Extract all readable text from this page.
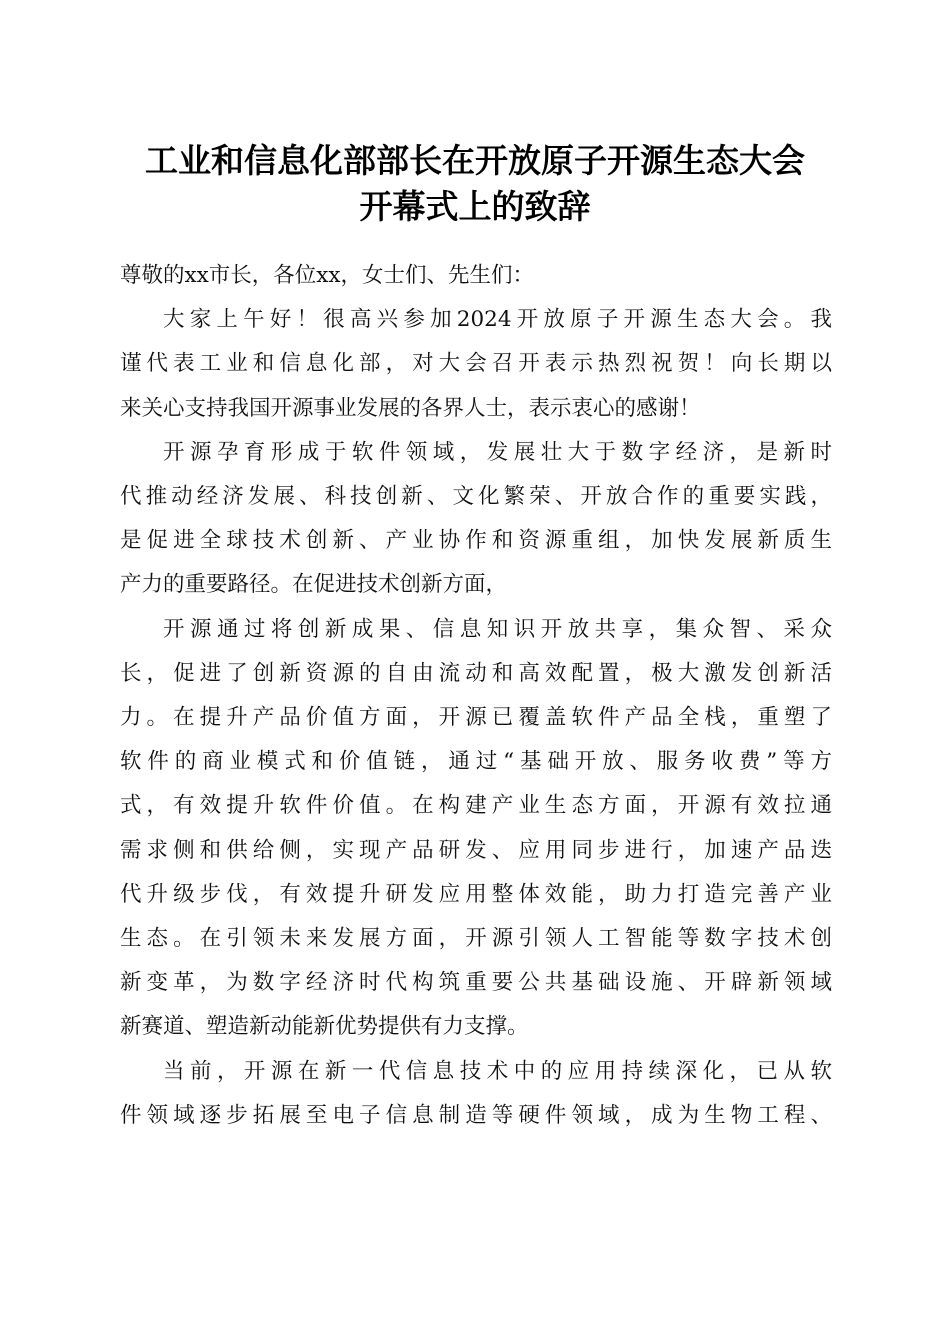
工业和信息化部部长在开放原子开源生态大会
开幕式上的致辞
尊敬的xx市长，各位xx，女士们、先生们：
大家上午好！很高兴参加2024开放原子开源生态大会。我
谨代表工业和信息化部，对大会召开表示热烈祝贺！向长期以
来关心支持我国开源事业发展的各界人士，表示衷心的感谢！
开源孕育形成于软件领域，发展壮大于数字经济，是新时
代推动经济发展、科技创新、文化繁荣、开放合作的重要实践，
是促进全球技术创新、产业协作和资源重组，加快发展新质生
产力的重要路径。在促进技术创新方面，
开源通过将创新成果、信息知识开放共享，集众智、采众
长，促进了创新资源的自由流动和高效配置，极大激发创新活
力。在提升产品价值方面，开源已覆盖软件产品全栈，重塑了
软件的商业模式和价值链，通过“基础开放、服务收费”等方
式，有效提升软件价值。在构建产业生态方面，开源有效拉通
需求侧和供给侧，实现产品研发、应用同步进行，加速产品迭
代升级步伐，有效提升研发应用整体效能，助力打造完善产业
生态。在引领未来发展方面，开源引领人工智能等数字技术创
新变革，为数字经济时代构筑重要公共基础设施、开辟新领域
新赛道、塑造新动能新优势提供有力支撑。
当前，开源在新一代信息技术中的应用持续深化，已从软
件领域逐步拓展至电子信息制造等硬件领域，成为生物工程、
